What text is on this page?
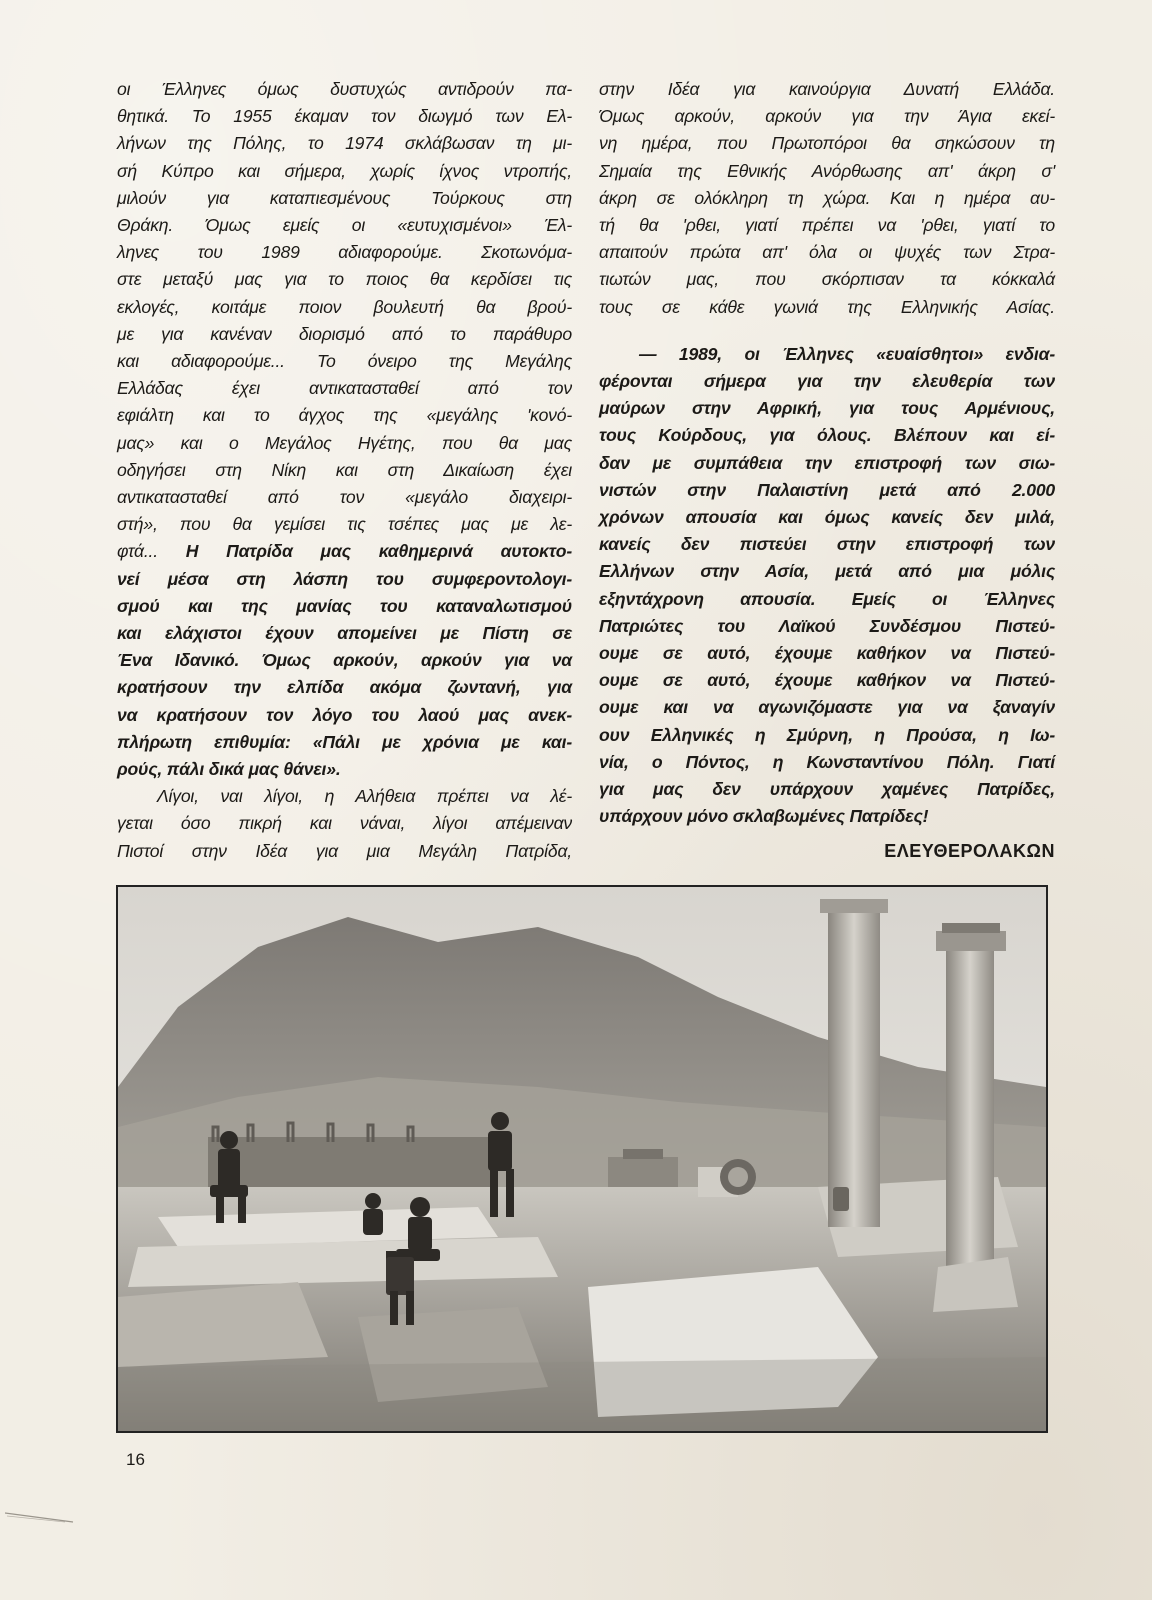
οι Έλληνες όμως δυστυχώς αντιδρούν πα-
θητικά. Το 1955 έκαμαν τον διωγμό των Ελ-
λήνων της Πόλης, το 1974 σκλάβωσαν τη μι-
σή Κύπρο και σήμερα, χωρίς ίχνος ντροπής,
μιλούν για καταπιεσμένους Τούρκους στη
Θράκη. Όμως εμείς οι «ευτυχισμένοι» Έλ-
ληνες του 1989 αδιαφορούμε. Σκοτωνόμα-
στε μεταξύ μας για το ποιος θα κερδίσει τις
εκλογές, κοιτάμε ποιον βουλευτή θα βρού-
με για κανέναν διορισμό από το παράθυρο
και αδιαφορούμε... Το όνειρο της Μεγάλης
Ελλάδας έχει αντικατασταθεί από τον
εφιάλτη και το άγχος της «μεγάλης 'κονό-
μας» και ο Μεγάλος Ηγέτης, που θα μας
οδηγήσει στη Νίκη και στη Δικαίωση έχει
αντικατασταθεί από τον «μεγάλο διαχειρι-
στή», που θα γεμίσει τις τσέπες μας με λε-
φτά... Η Πατρίδα μας καθημερινά αυτοκτο-
νεί μέσα στη λάσπη του συμφεροντολογι-
σμού και της μανίας του καταναλωτισμού
και ελάχιστοι έχουν απομείνει με Πίστη σε
Ένα Ιδανικό. Όμως αρκούν, αρκούν για να
κρατήσουν την ελπίδα ακόμα ζωντανή, για
να κρατήσουν τον λόγο του λαού μας ανεκ-
πλήρωτη επιθυμία: «Πάλι με χρόνια με και-
ρούς, πάλι δικά μας θάνει».
Λίγοι, ναι λίγοι, η Αλήθεια πρέπει να λέ-
γεται όσο πικρή και νάναι, λίγοι απέμειναν
Πιστοί στην Ιδέα για μια Μεγάλη Πατρίδα,
στην Ιδέα για καινούργια Δυνατή Ελλάδα.
Όμως αρκούν, αρκούν για την Άγια εκεί-
νη ημέρα, που Πρωτοπόροι θα σηκώσουν τη
Σημαία της Εθνικής Ανόρθωσης απ' άκρη σ'
άκρη σε ολόκληρη τη χώρα. Και η ημέρα αυ-
τή θα 'ρθει, γιατί πρέπει να 'ρθει, γιατί το
απαιτούν πρώτα απ' όλα οι ψυχές των Στρα-
τιωτών μας, που σκόρπισαν τα κόκκαλά
τους σε κάθε γωνιά της Ελληνικής Ασίας.
— 1989, οι Έλληνες «ευαίσθητοι» ενδια-
φέρονται σήμερα για την ελευθερία των
μαύρων στην Αφρική, για τους Αρμένιους,
τους Κούρδους, για όλους. Βλέπουν και εί-
δαν με συμπάθεια την επιστροφή των σιω-
νιστών στην Παλαιστίνη μετά από 2.000
χρόνων απουσία και όμως κανείς δεν μιλά,
κανείς δεν πιστεύει στην επιστροφή των
Ελλήνων στην Ασία, μετά από μια μόλις
εξηντάχρονη απουσία. Εμείς οι Έλληνες
Πατριώτες του Λαϊκού Συνδέσμου Πιστεύ-
ουμε σε αυτό, έχουμε καθήκον να Πιστεύ-
ουμε σε αυτό, έχουμε καθήκον να Πιστεύ-
ουμε και να αγωνιζόμαστε για να ξαναγίν
ουν Ελληνικές η Σμύρνη, η Προύσα, η Ιω-
νία, ο Πόντος, η Κωνσταντίνου Πόλη. Γιατί
για μας δεν υπάρχουν χαμένες Πατρίδες,
υπάρχουν μόνο σκλαβωμένες Πατρίδες!
ΕΛΕΥΘΕΡΟΛΑΚΩΝ
16
